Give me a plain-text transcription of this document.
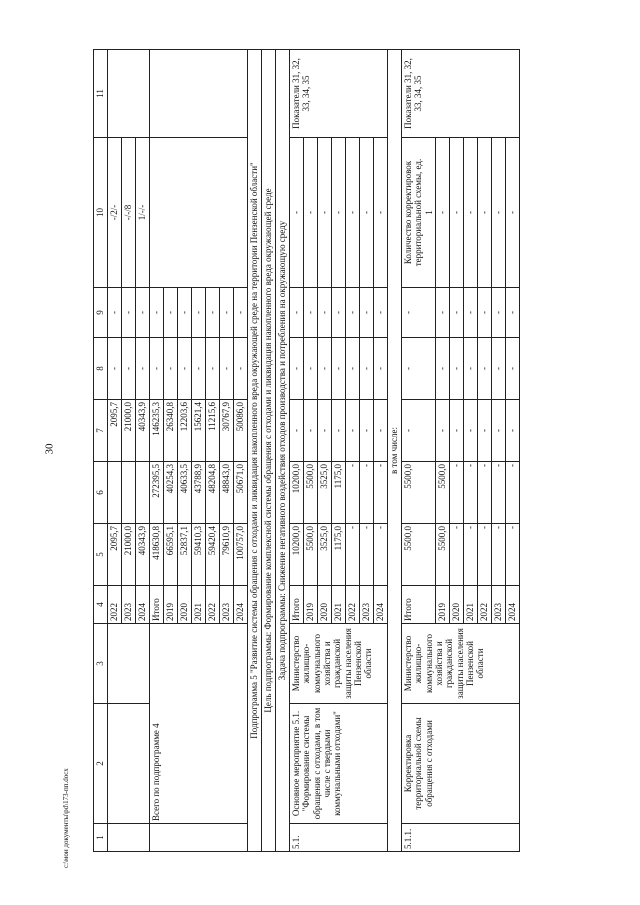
30
c:\мои документы\pd\173-пп.docx	1	2	3	4	5	6	7	8	9	10	11
			2022	2095,7		2095,7	-	-	-/2/-	
			2023	21000,0		21000,0	-	-	-/-/8	
			2024	40343,9		40343,9	-	-	1/-/-	
	Всего по подпрограмме 4		Итого	418630,8	272395,5	146235,3	-	-		
			2019	66595,1	40254,3	26340,8	-	-		
			2020	52837,1	40633,5	12203,6	-	-		
			2021	59410,3	43788,9	15621,4	-	-		
			2022	59420,4	48204,8	11215,6	-	-		
			2023	79610,9	48843,0	30767,9	-	-		
			2024	100757,0	50671,0	50086,0	-	-		
Подпрограмма 5 "Развитие системы обращения с отходами и ликвидация накопленного вреда окружающей среде на территории Пензенской области"										
Цель подпрограммы: Формирование комплексной системы обращения с отходами и ликвидация накопленного вреда окружающей среде										
Задача подпрограммы: Снижение негативного воздействия отходов производства и потребления на окружающую среду										
5.1.	Основное мероприятие 5.1. "Формирование системы обращения с отходами, в том числе с твердыми коммунальными отходами"	Министерство жилищно-коммунального хозяйства и гражданской защиты населения Пензенской области	Итого	10200,0	10200,0	-	-	-	-	Показатели 31, 32, 33, 34, 35
			2019	5500,0	5500,0	-	-	-	-	
			2020	3525,0	3525,0	-	-	-	-	
			2021	1175,0	1175,0	-	-	-	-	
			2022	-	-	-	-	-	-	
			2023	-	-	-	-	-	-	
			2024	-	-	-	-	-	-	
в том числе:										
5.1.1.	Корректировка территориальной схемы обращения с отходами	Министерство жилищно-коммунального хозяйства и гражданской защиты населения Пензенской области	Итого	5500,0	5500,0	-	-	-	Количество корректировок территориальной схемы, ед. 1	Показатели 31, 32, 33, 34, 35
			2019	5500,0	5500,0	-	-	-	-	
			2020	-	-	-	-	-	-	
			2021	-	-	-	-	-	-	
			2022	-	-	-	-	-	-	
			2023	-	-	-	-	-	-	
			2024	-	-	-	-	-	-	
